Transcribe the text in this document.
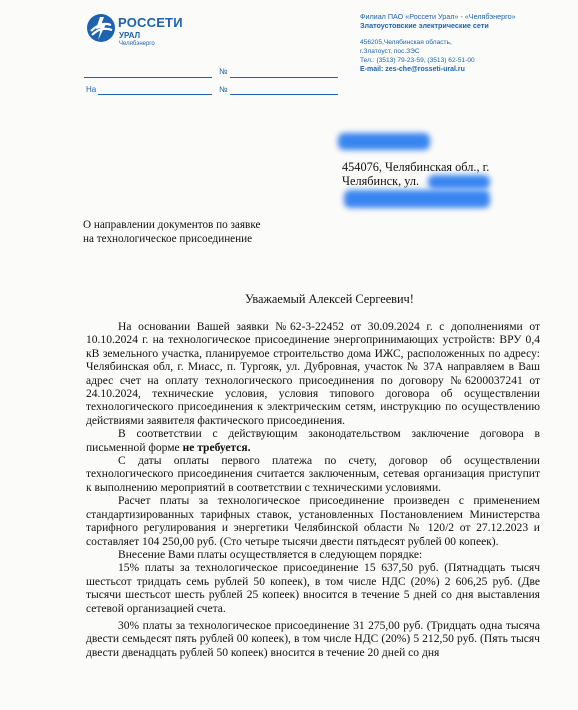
РОССЕТИ
УРАЛ
Челябэнерго
Филиал ПАО «Россети Урал» - «Челябэнерго»
Златоустовские электрические сети
456205,Челябинская область,
г.Златоуст, пос.ЗЭС
Тел.: (3513) 79-23-59, (3513) 62-51-00
E-mail: zes-che@rosseti-ural.ru
№
На	№
454076, Челябинская обл., г.
Челябинск, ул.
О направлении документов по заявке
на технологическое присоединение
Уважаемый Алексей Сергеевич!

На основании Вашей заявки №62-3-22452 от 30.09.2024 г. с дополнениями от 10.10.2024 г. на технологическое присоединение энергопринимающих устройств: ВРУ 0,4 кВ земельного участка, планируемое строительство дома ИЖС, расположенных по адресу: Челябинская обл, г. Миасс, п. Тургояк, ул. Дубровная, участок № 37А направляем в Ваш адрес счет на оплату технологического присоединения по договору №6200037241 от 24.10.2024, технические условия, условия типового договора об осуществлении технологического присоединения к электрическим сетям, инструкцию по осуществлению действиями заявителя фактического присоединения.

В соответствии с действующим законодательством заключение договора в письменной форме не требуется.

С даты оплаты первого платежа по счету, договор об осуществлении технологического присоединения считается заключенным, сетевая организация приступит к выполнению мероприятий в соответствии с техническими условиями.

Расчет платы за технологическое присоединение произведен с применением стандартизированных тарифных ставок, установленных Постановлением Министерства тарифного регулирования и энергетики Челябинской области № 120/2 от 27.12.2023 и составляет 104 250,00 руб. (Сто четыре тысячи двести пятьдесят рублей 00 копеек).

Внесение Вами платы осуществляется в следующем порядке:

15% платы за технологическое присоединение 15 637,50 руб. (Пятнадцать тысяч шестьсот тридцать семь рублей 50 копеек), в том числе НДС (20%) 2 606,25 руб. (Две тысячи шестьсот шесть рублей 25 копеек) вносится в течение 5 дней со дня выставления сетевой организацией счета.

30% платы за технологическое присоединение 31 275,00 руб. (Тридцать одна тысяча двести семьдесят пять рублей 00 копеек), в том числе НДС (20%) 5 212,50 руб. (Пять тысяч двести двенадцать рублей 50 копеек) вносится в течение 20 дней со дня
